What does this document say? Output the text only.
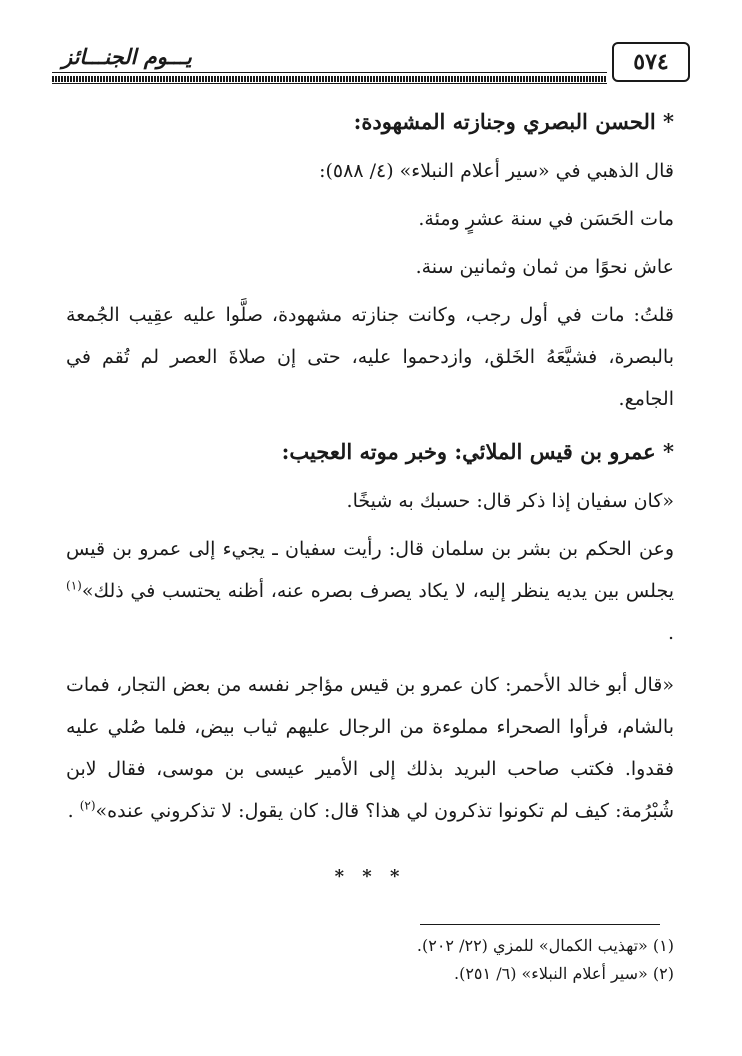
يـــوم الجنـــائز	٥٧٤

* الحسن البصري وجنازته المشهودة:

قال الذهبي في «سير أعلام النبلاء» (٤/ ٥٨٨):

مات الحَسَن في سنة عشرٍ ومئة.

عاش نحوًا من ثمان وثمانين سنة.

قلتُ: مات في أول رجب، وكانت جنازته مشهودة، صلَّوا عليه عقِيب الجُمعة بالبصرة، فشيَّعَهُ الخَلق، وازدحموا عليه، حتى إن صلاةَ العصر لم تُقم في الجامع.

* عمرو بن قيس الملائي: وخبر موته العجيب:

«كان سفيان إذا ذكر قال: حسبك به شيخًا.

وعن الحكم بن بشر بن سلمان قال: رأيت سفيان ـ يجيء إلى عمرو بن قيس يجلس بين يديه ينظر إليه، لا يكاد يصرف بصره عنه، أظنه يحتسب في ذلك»$^{(١)}$ .

«قال أبو خالد الأحمر: كان عمرو بن قيس مؤاجر نفسه من بعض التجار، فمات بالشام، فرأوا الصحراء مملوءة من الرجال عليهم ثياب بيض، فلما صُلي عليه فقدوا. فكتب صاحب البريد بذلك إلى الأمير عيسى بن موسى، فقال لابن شُبْرُمة: كيف لم تكونوا تذكرون لي هذا؟ قال: كان يقول: لا تذكروني عنده»$^{(٢)}$ .

* * *

(١) «تهذيب الكمال» للمزي (٢٢/ ٢٠٢).

(٢) «سير أعلام النبلاء» (٦/ ٢٥١).
